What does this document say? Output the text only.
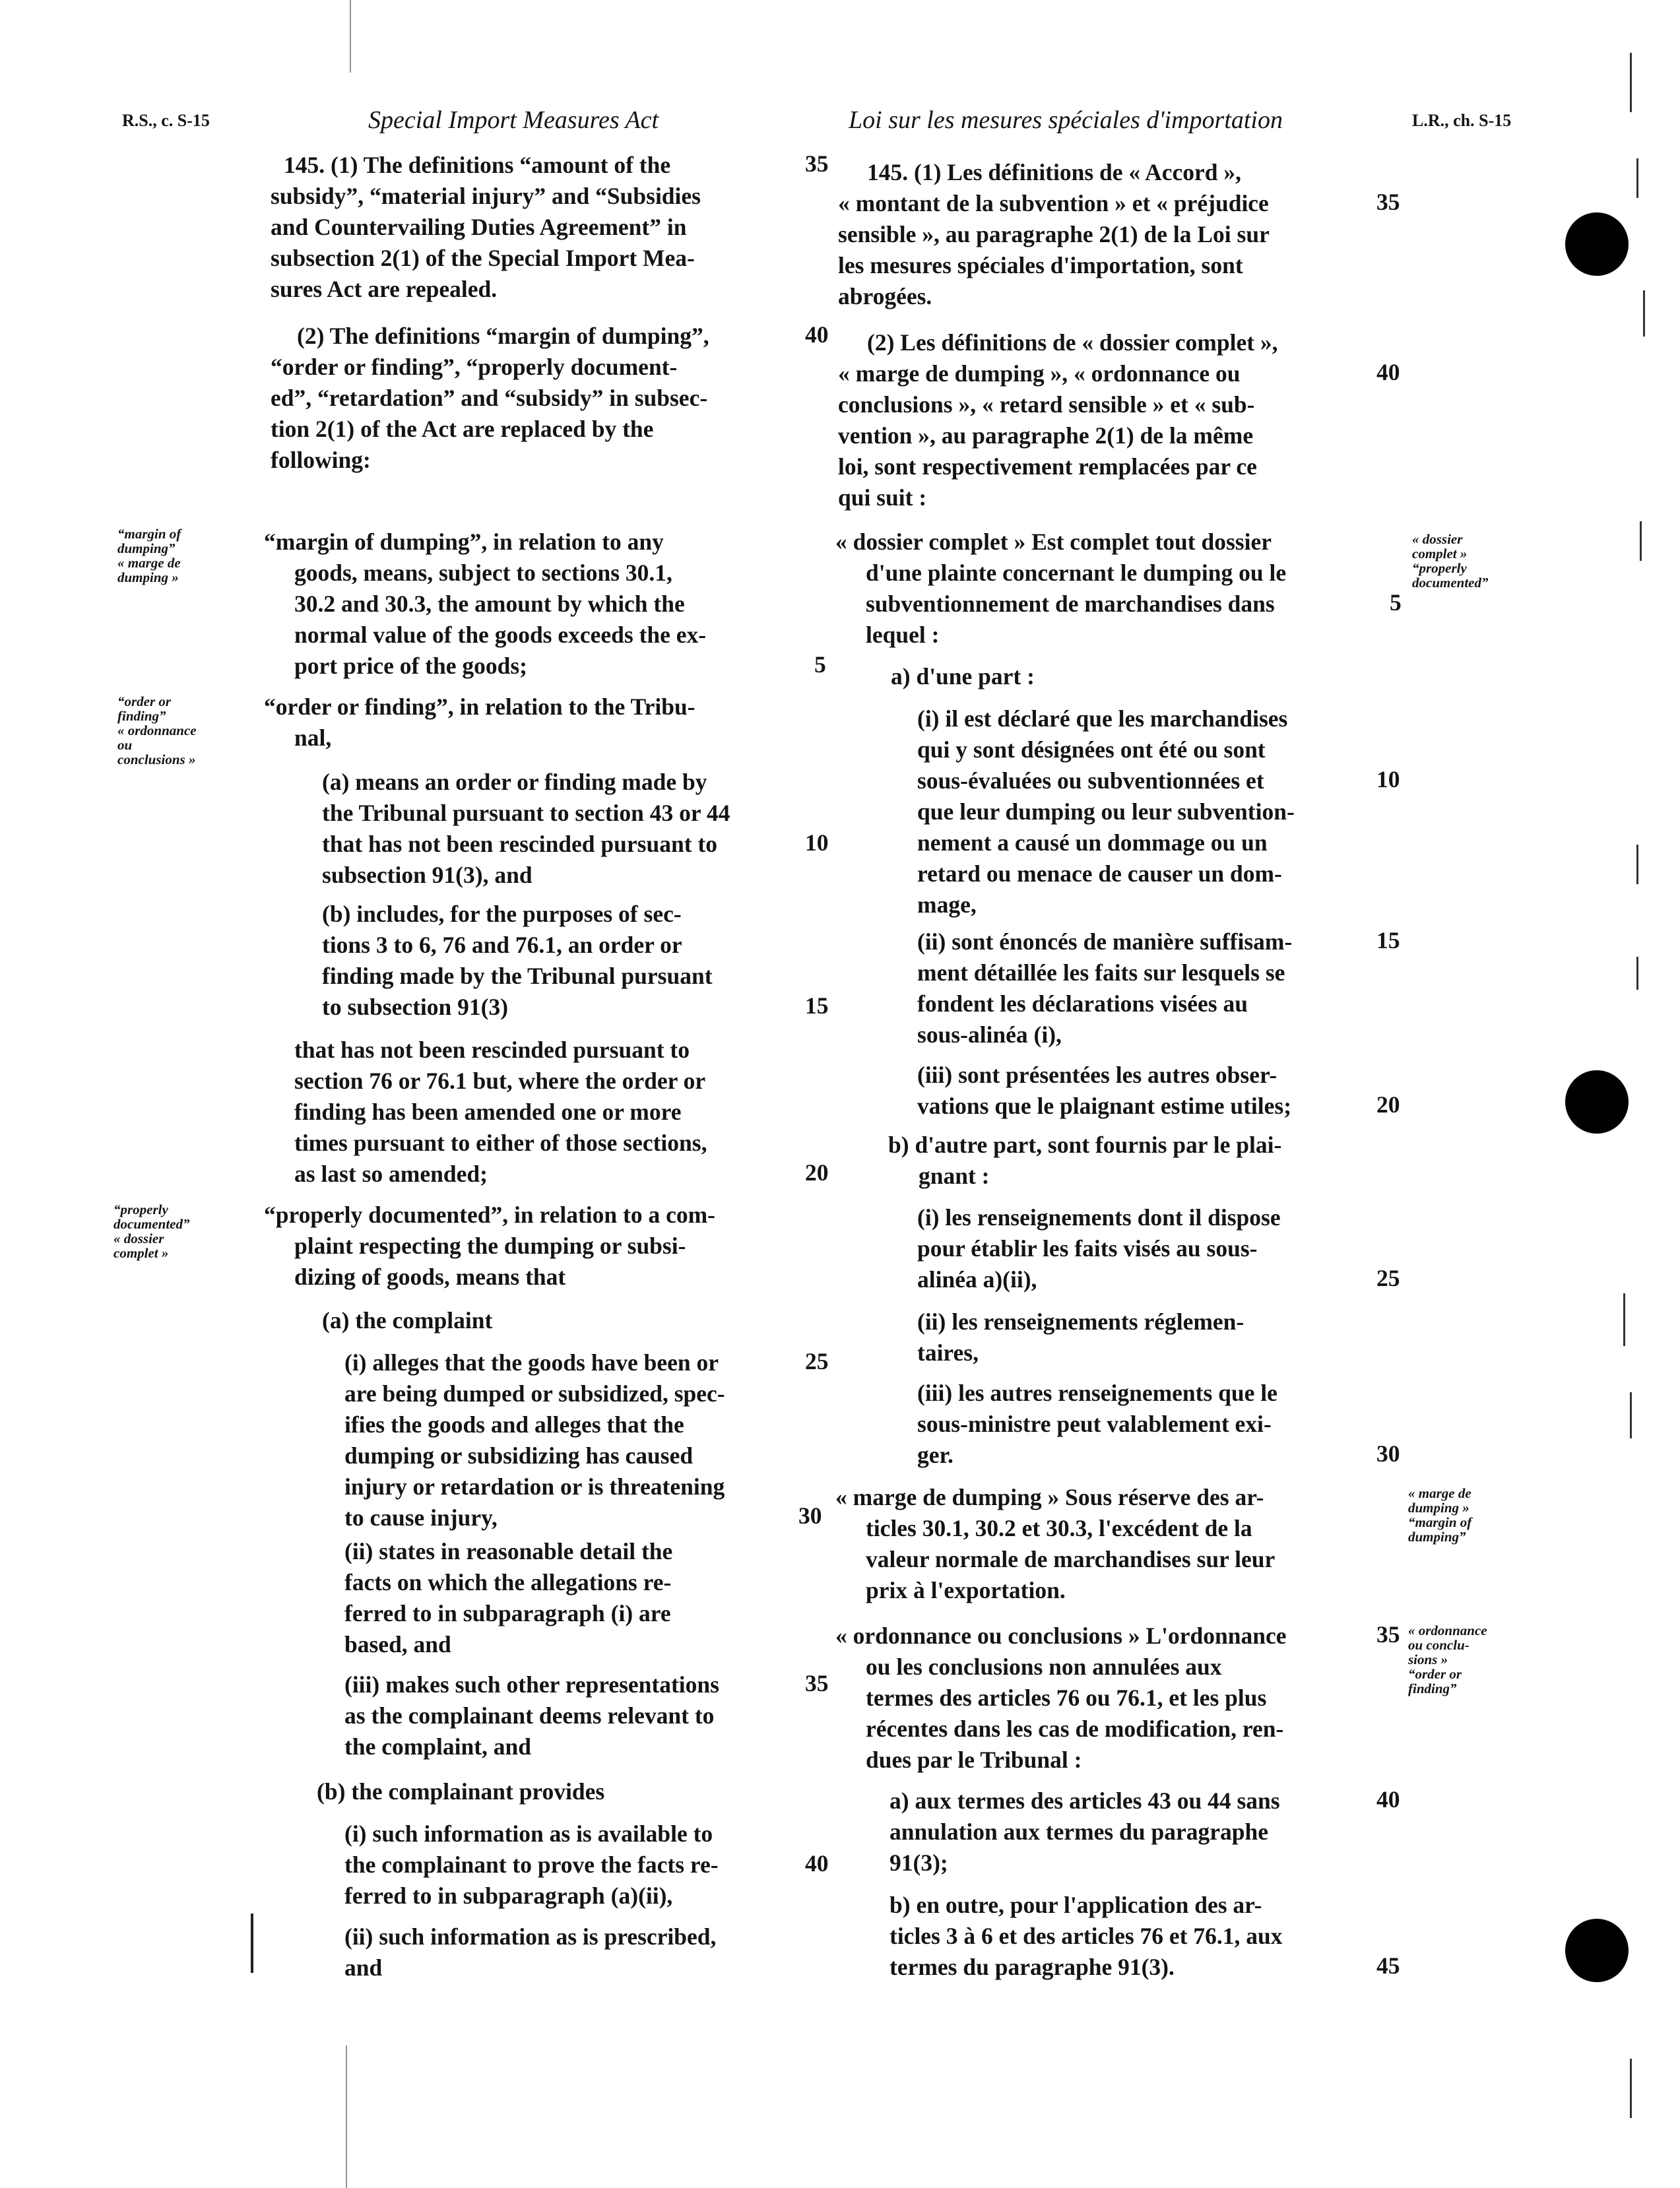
R.S., c. S-15	Special Import Measures Act	Loi sur les mesures spéciales d'importation	L.R., ch. S-15
145. (1) The definitions “amount of the
subsidy”, “material injury” and “Subsidies
and Countervailing Duties Agreement” in
subsection 2(1) of the Special Import Mea-
sures Act are repealed.
(2) The definitions “margin of dumping”,
“order or finding”, “properly document-
ed”, “retardation” and “subsidy” in subsec-
tion 2(1) of the Act are replaced by the
following:
“margin of dumping”, in relation to any
goods, means, subject to sections 30.1,
30.2 and 30.3, the amount by which the
normal value of the goods exceeds the ex-
port price of the goods;
“order or finding”, in relation to the Tribu-
nal,
(a) means an order or finding made by
the Tribunal pursuant to section 43 or 44
that has not been rescinded pursuant to
subsection 91(3), and
(b) includes, for the purposes of sec-
tions 3 to 6, 76 and 76.1, an order or
finding made by the Tribunal pursuant
to subsection 91(3)
that has not been rescinded pursuant to
section 76 or 76.1 but, where the order or
finding has been amended one or more
times pursuant to either of those sections,
as last so amended;
“properly documented”, in relation to a com-
plaint respecting the dumping or subsi-
dizing of goods, means that
(a) the complaint
(i) alleges that the goods have been or
are being dumped or subsidized, spec-
ifies the goods and alleges that the
dumping or subsidizing has caused
injury or retardation or is threatening
to cause injury,
(ii) states in reasonable detail the
facts on which the allegations re-
ferred to in subparagraph (i) are
based, and
(iii) makes such other representations
as the complainant deems relevant to
the complaint, and
(b) the complainant provides
(i) such information as is available to
the complainant to prove the facts re-
ferred to in subparagraph (a)(ii),
(ii) such information as is prescribed,
and
35
40
5
10
15
20
25
30
35
40
145. (1) Les définitions de « Accord »,
« montant de la subvention » et « préjudice
sensible », au paragraphe 2(1) de la Loi sur
les mesures spéciales d'importation, sont
abrogées.
(2) Les définitions de « dossier complet »,
« marge de dumping », « ordonnance ou
conclusions », « retard sensible » et « sub-
vention », au paragraphe 2(1) de la même
loi, sont respectivement remplacées par ce
qui suit :
« dossier complet » Est complet tout dossier
d'une plainte concernant le dumping ou le
subventionnement de marchandises dans
lequel :
a) d'une part :
(i) il est déclaré que les marchandises
qui y sont désignées ont été ou sont
sous-évaluées ou subventionnées et
que leur dumping ou leur subvention-
nement a causé un dommage ou un
retard ou menace de causer un dom-
mage,
(ii) sont énoncés de manière suffisam-
ment détaillée les faits sur lesquels se
fondent les déclarations visées au
sous-alinéa (i),
(iii) sont présentées les autres obser-
vations que le plaignant estime utiles;
b) d'autre part, sont fournis par le plai-
gnant :
(i) les renseignements dont il dispose
pour établir les faits visés au sous-
alinéa a)(ii),
(ii) les renseignements réglemen-
taires,
(iii) les autres renseignements que le
sous-ministre peut valablement exi-
ger.
« marge de dumping » Sous réserve des ar-
ticles 30.1, 30.2 et 30.3, l'excédent de la
valeur normale de marchandises sur leur
prix à l'exportation.
« ordonnance ou conclusions » L'ordonnance
ou les conclusions non annulées aux
termes des articles 76 ou 76.1, et les plus
récentes dans les cas de modification, ren-
dues par le Tribunal :
a) aux termes des articles 43 ou 44 sans
annulation aux termes du paragraphe
91(3);
b) en outre, pour l'application des ar-
ticles 3 à 6 et des articles 76 et 76.1, aux
termes du paragraphe 91(3).
35
40
5
10
15
20
25
30
35
40
45
“margin of
dumping”
« marge de
dumping »
“order or
finding”
« ordonnance
ou
conclusions »
“properly
documented”
« dossier
complet »
« dossier
complet »
“properly
documented”
« marge de
dumping »
“margin of
dumping”
« ordonnance
ou conclu-
sions »
“order or
finding”
